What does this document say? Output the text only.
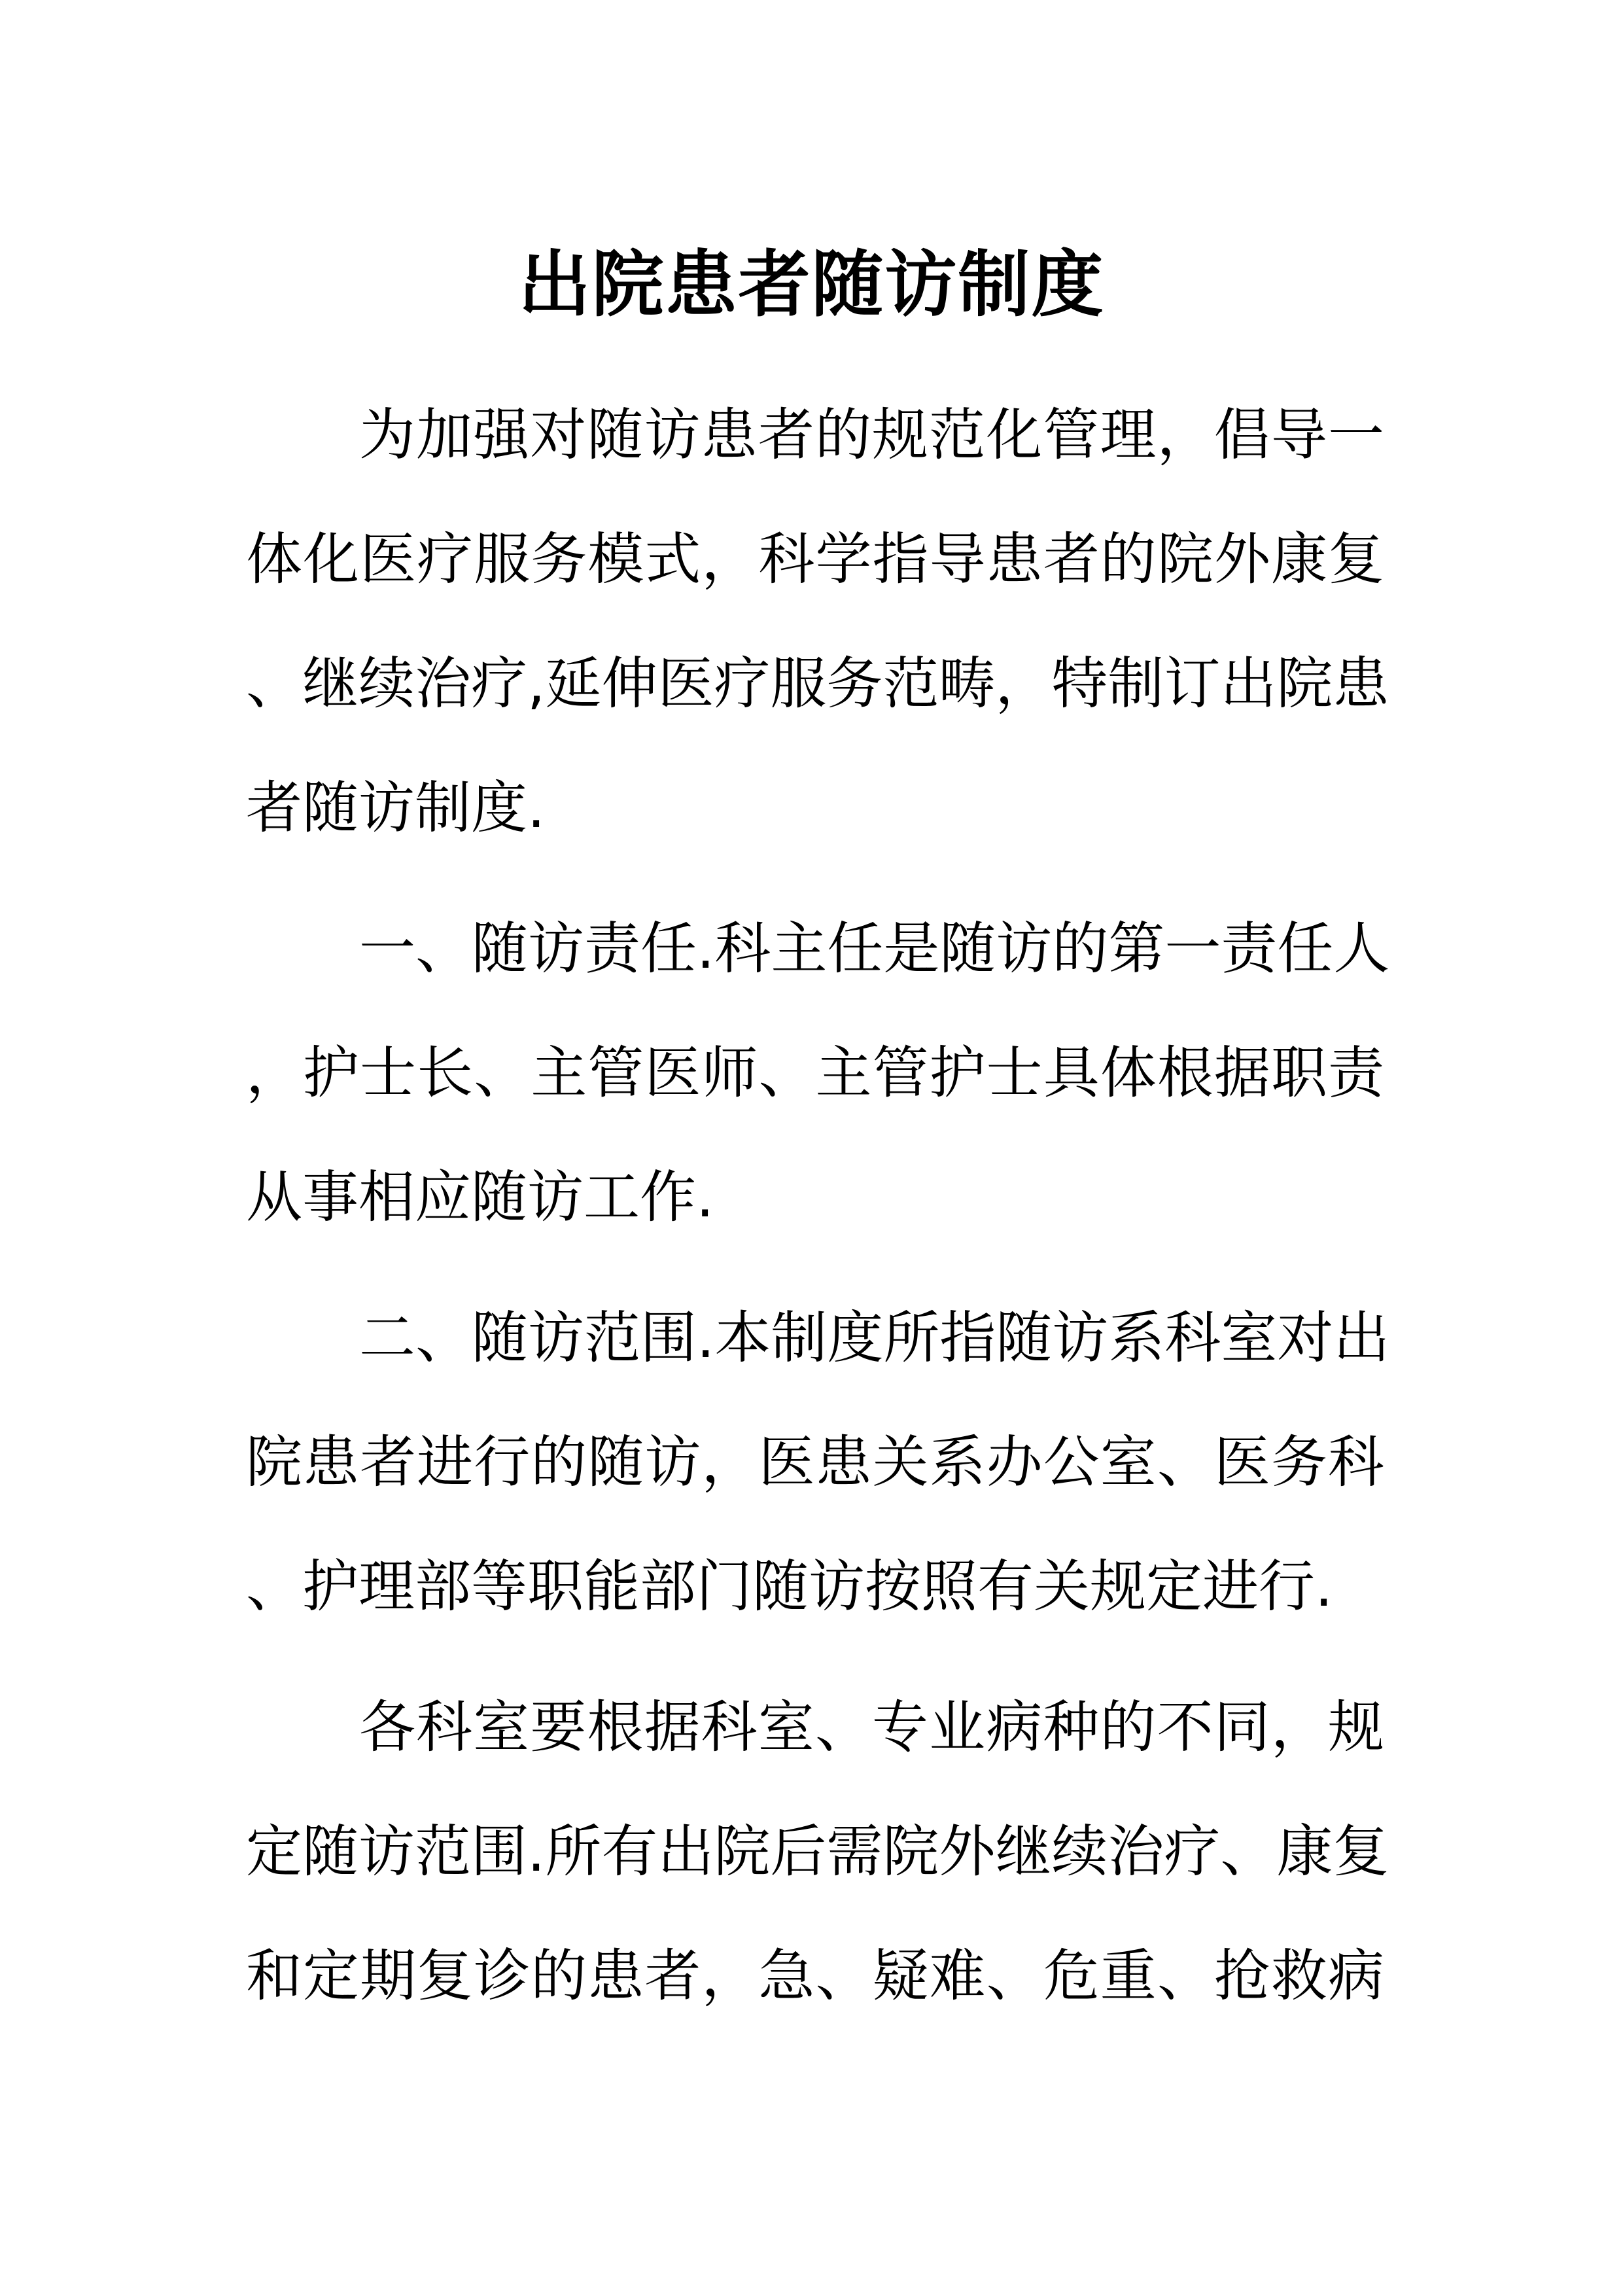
出院患者随访制度
为加强对随访患者的规范化管理，倡导一
体化医疗服务模式，科学指导患者的院外康复
、继续治疗,延伸医疗服务范畴，特制订出院患
者随访制度.
一、随访责任.科主任是随访的第一责任人
，护士长、主管医师、主管护士具体根据职责
从事相应随访工作.
二、随访范围.本制度所指随访系科室对出
院患者进行的随访，医患关系办公室、医务科
、护理部等职能部门随访按照有关规定进行.
各科室要根据科室、专业病种的不同，规
定随访范围.所有出院后需院外继续治疗、康复
和定期复诊的患者，急、疑难、危重、抢救病
